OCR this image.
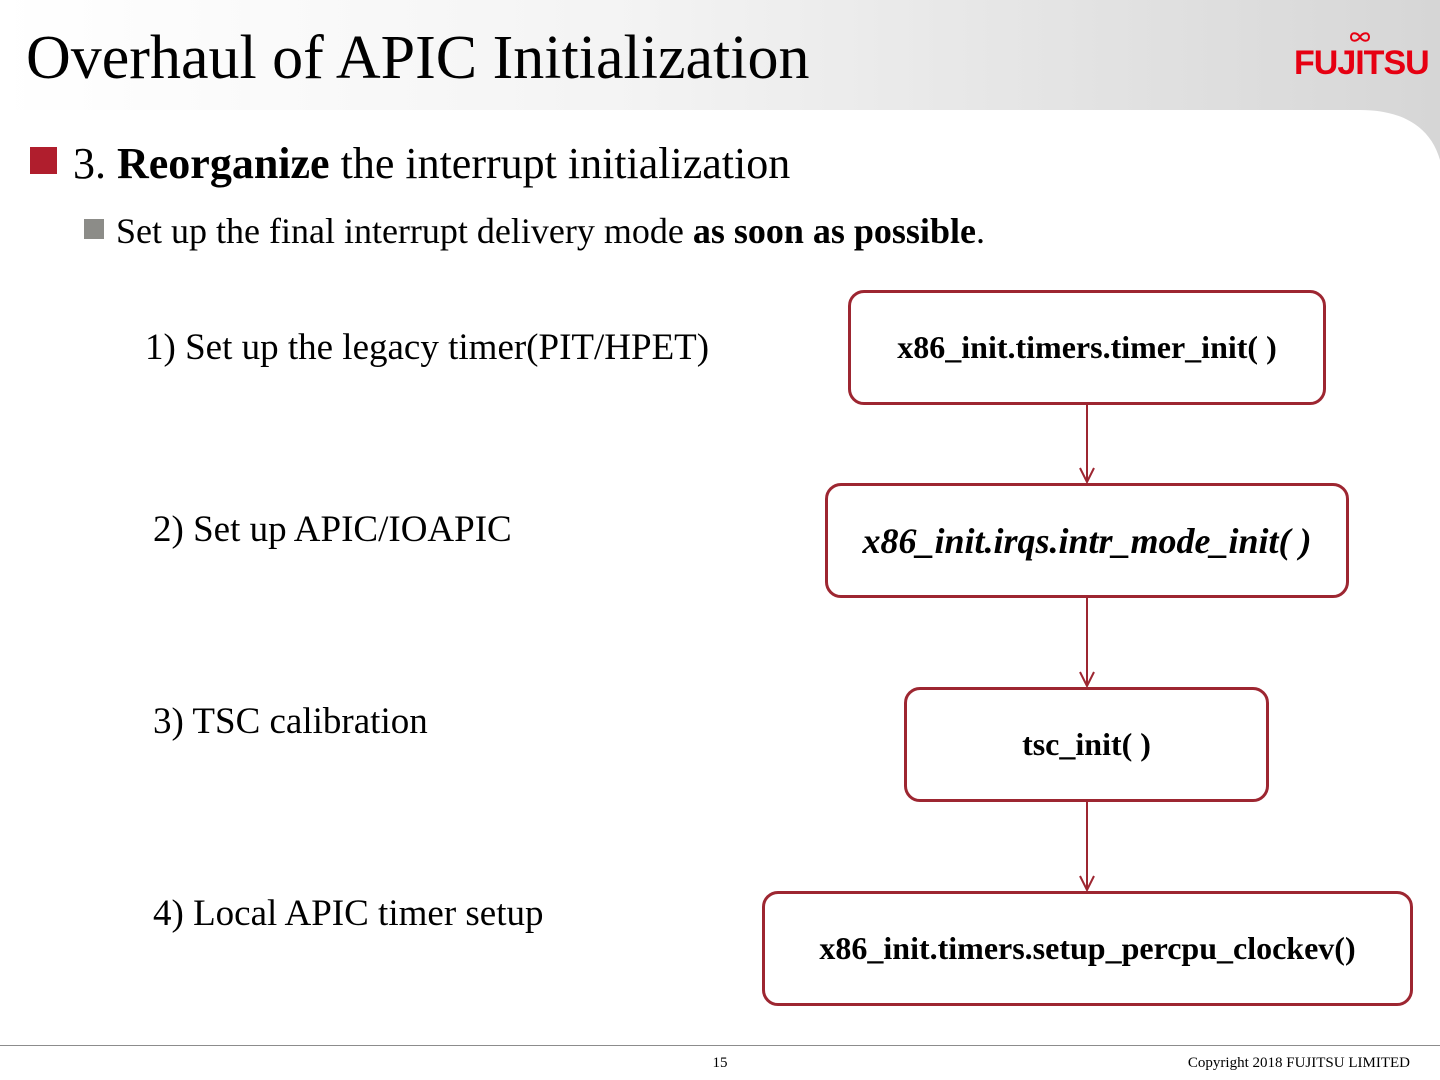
Overhaul of APIC Initialization	FUJITSU
3. Reorganize the interrupt initialization
Set up the final interrupt delivery mode as soon as possible.
1) Set up the legacy timer(PIT/HPET)
2) Set up APIC/IOAPIC
3) TSC calibration
4) Local APIC timer setup
x86_init.timers.timer_init( )
x86_init.irqs.intr_mode_init( )
tsc_init( )
x86_init.timers.setup_percpu_clockev()
15	Copyright 2018 FUJITSU LIMITED
